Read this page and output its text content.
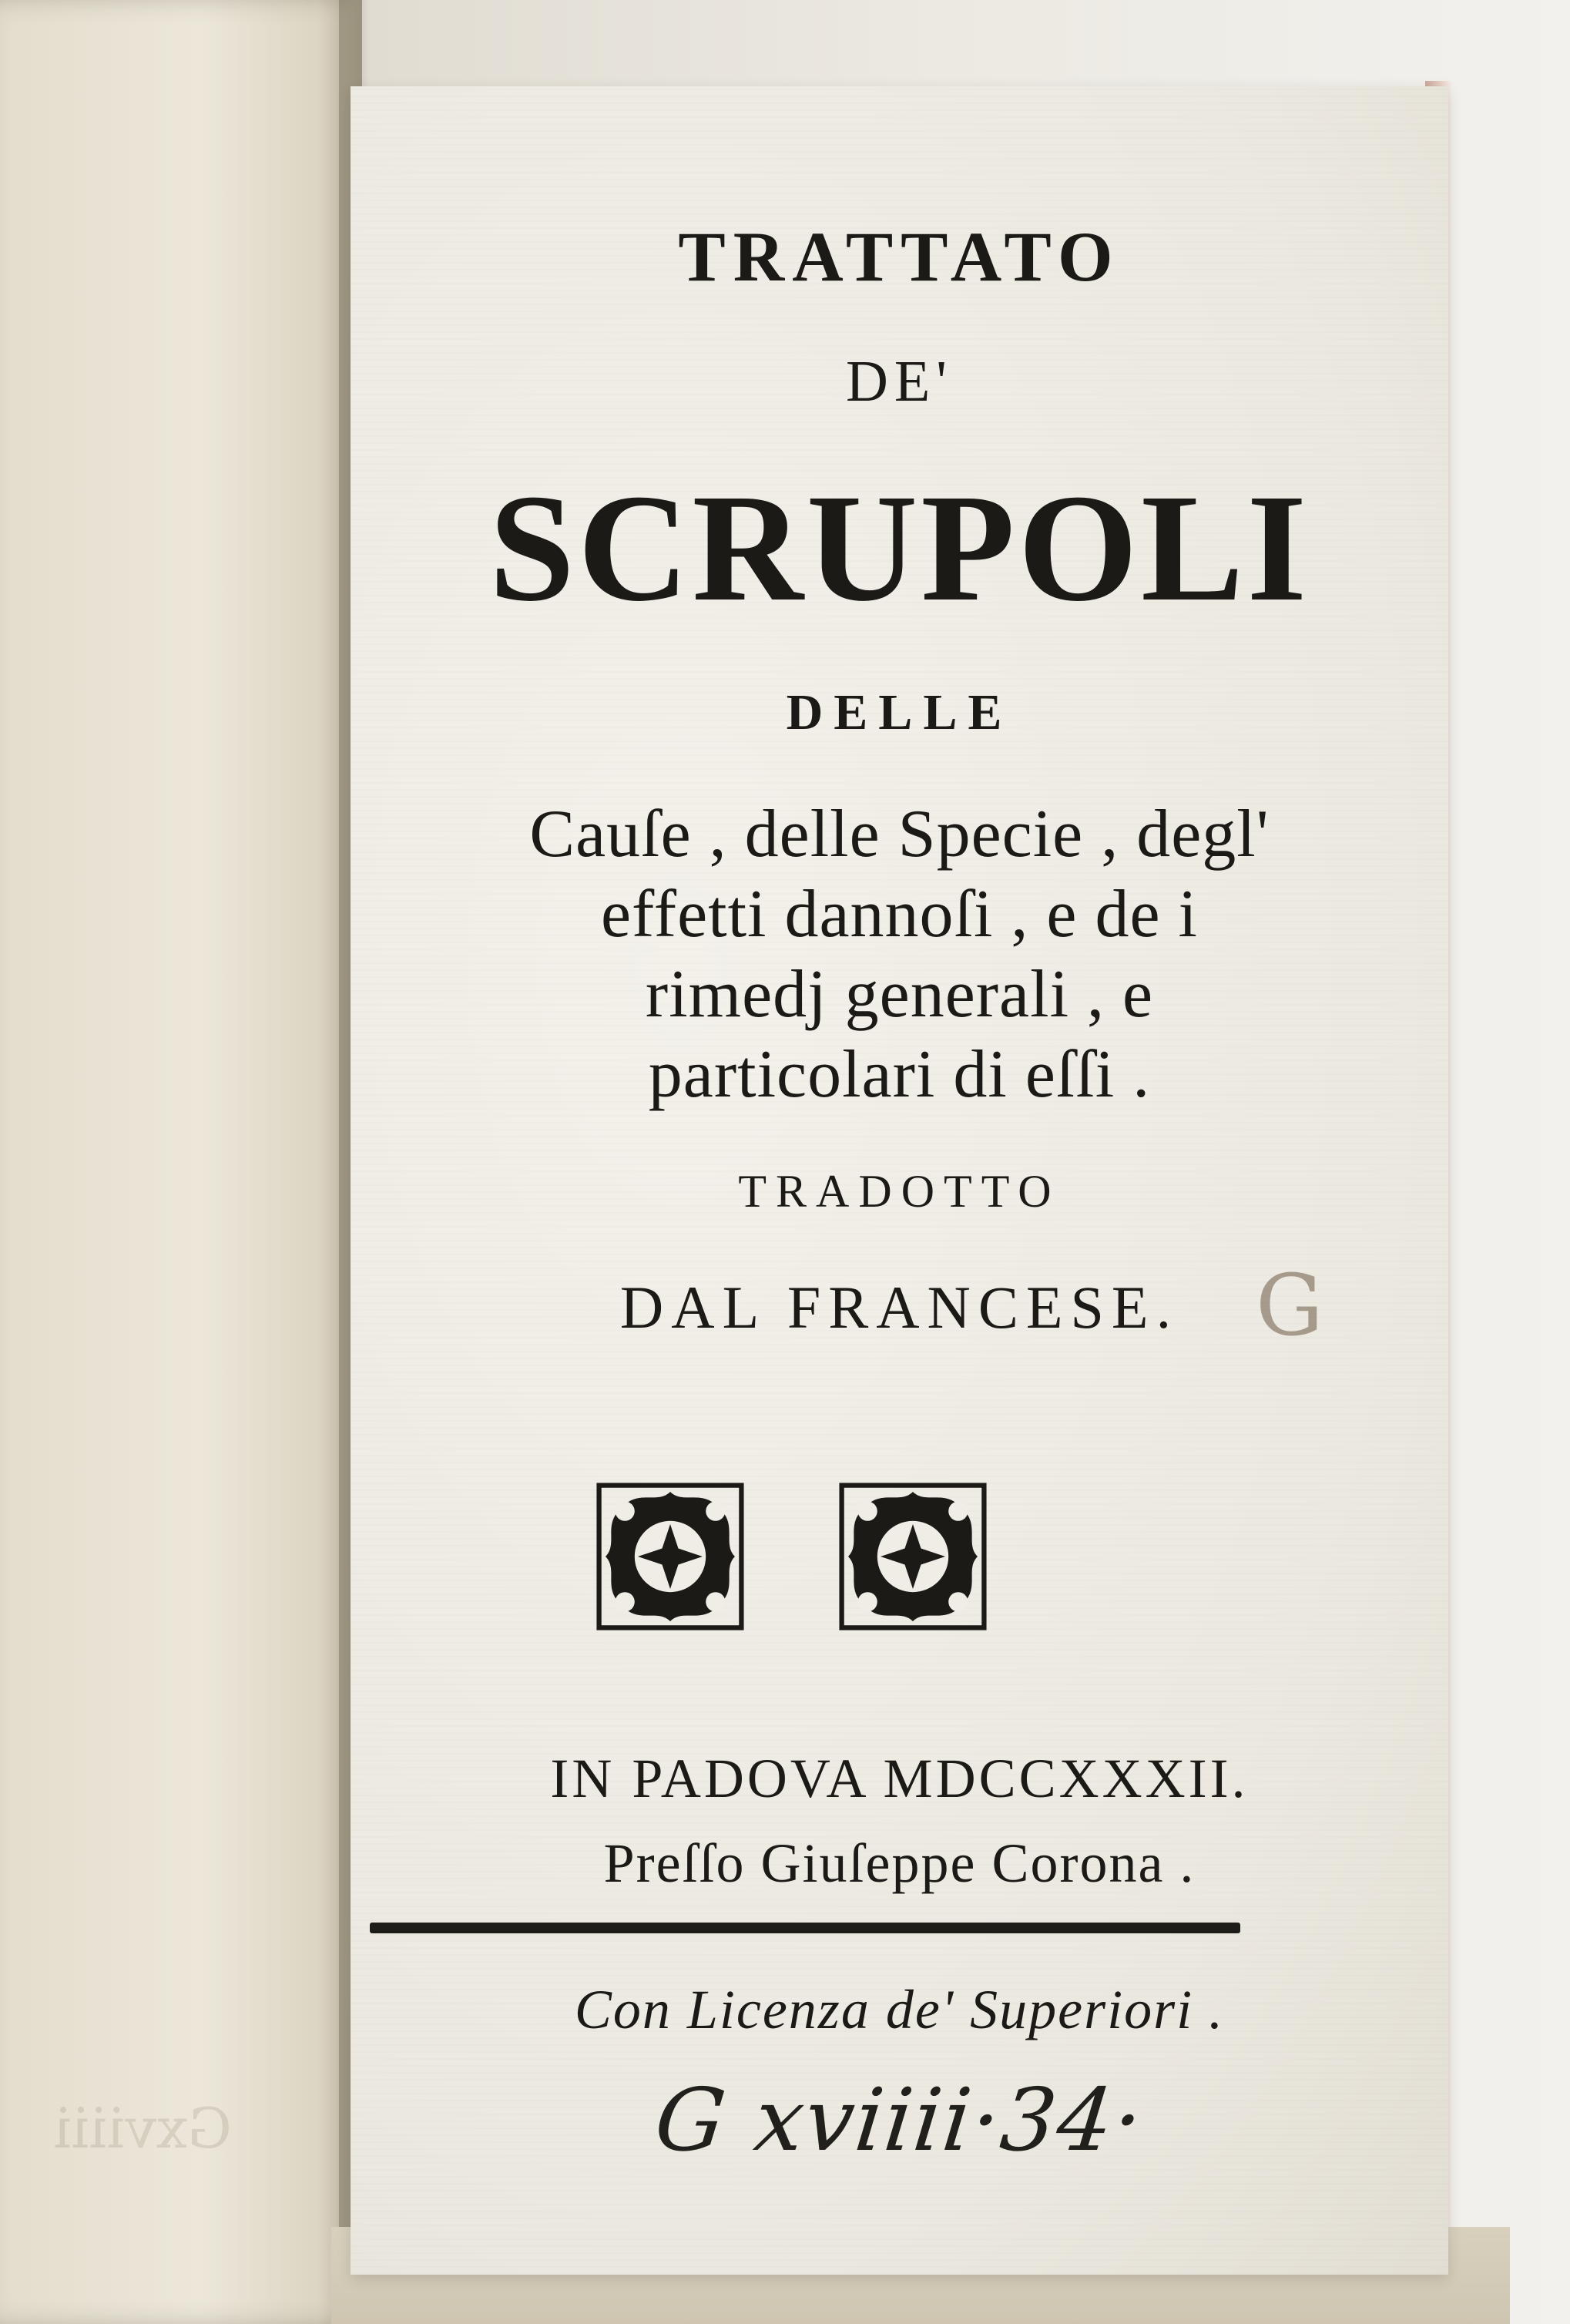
Gxviiii
TRATTATO
DE'
SCRUPOLI
DELLE
Cauſe , delle Specie , degl'
effetti dannoſi , e de i
rimedj generali , e
particolari di eſſi .
TRADOTTO
DAL FRANCESE.
IN PADOVA MDCCXXXII.
Preſſo Giuſeppe Corona .
Con Licenza de' Superiori .
G xviiii·34·
G
